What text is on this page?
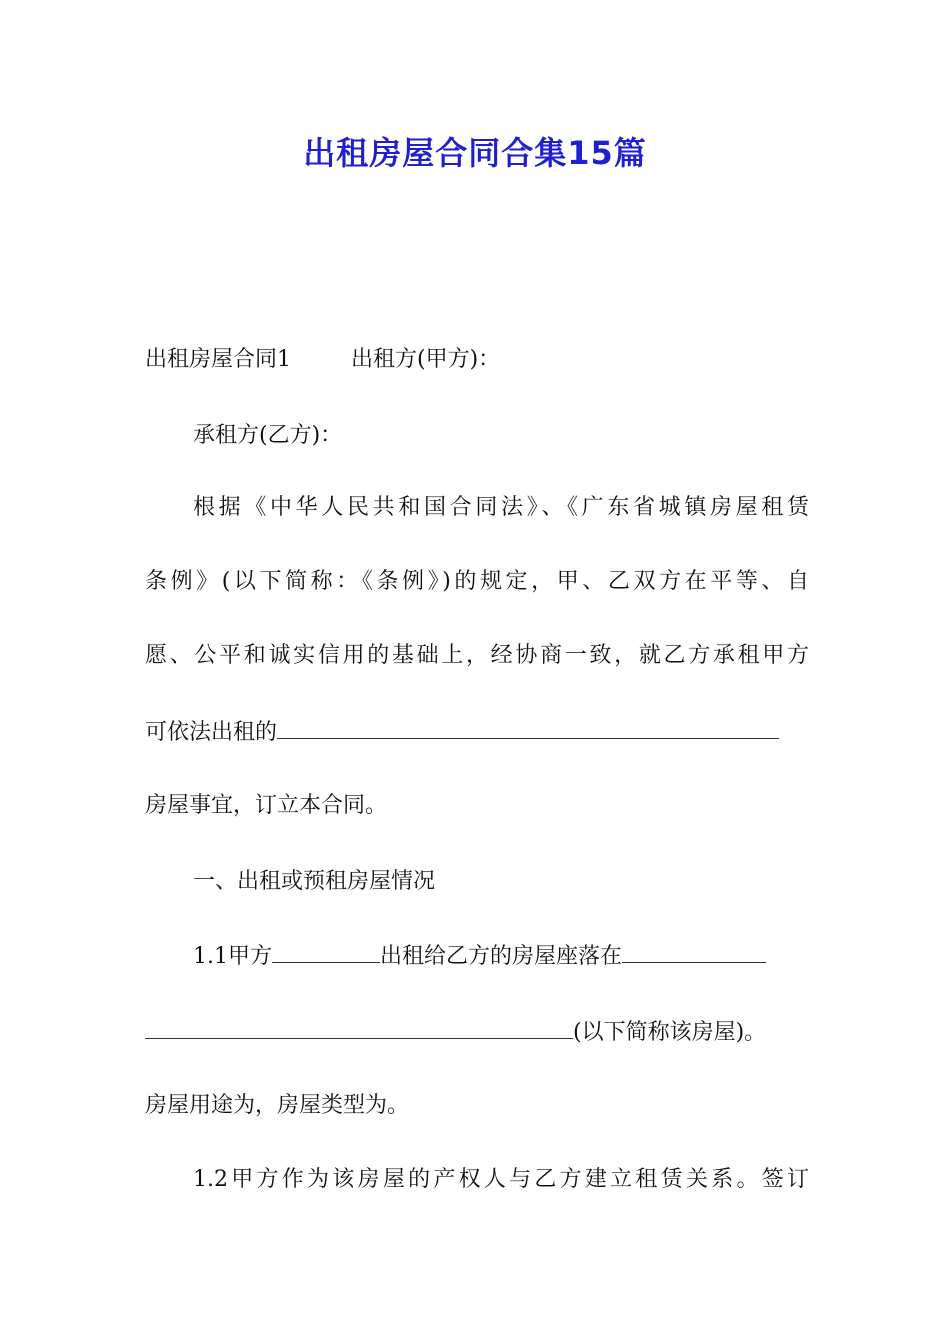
出租房屋合同合集15篇
出租房屋合同1	出租方(甲方)：
承租方(乙方)：
根据《中华人民共和国合同法》、《广东省城镇房屋租赁
条例》(以下简称：《条例》)的规定，甲、乙双方在平等、自
愿、公平和诚实信用的基础上，经协商一致，就乙方承租甲方
可依法出租的
房屋事宜，订立本合同。
一、出租或预租房屋情况
1.1甲方	出租给乙方的房屋座落在
(以下简称该房屋)。
房屋用途为，房屋类型为。
1.2甲方作为该房屋的产权人与乙方建立租赁关系。签订
